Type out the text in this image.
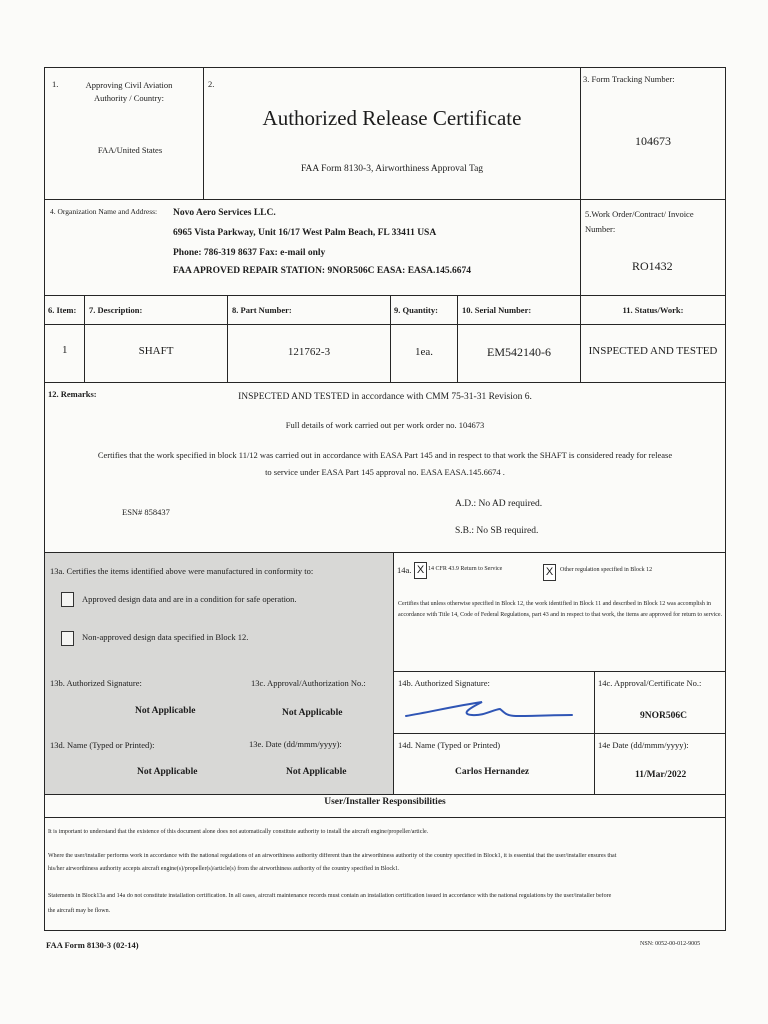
1.	Approving Civil Aviation Authority / Country:
FAA/United States
2.
Authorized Release Certificate
FAA Form 8130-3, Airworthiness Approval Tag
3. Form Tracking Number:
104673
4. Organization Name and Address:	Novo Aero Services LLC.
6965 Vista Parkway, Unit 16/17 West Palm Beach, FL 33411 USA
Phone: 786-319 8637 Fax: e-mail only
FAA APROVED REPAIR STATION: 9NOR506C EASA: EASA.145.6674
5.Work Order/Contract/ Invoice Number:
RO1432
6. Item: 7. Description:	8. Part Number:	9. Quantity:	10. Serial Number:	11. Status/Work:
1	SHAFT	121762-3	1ea.	EM542140-6	INSPECTED AND TESTED
12. Remarks:	INSPECTED AND TESTED in accordance with CMM 75-31-31 Revision 6.
Full details of work carried out per work order no. 104673
Certifies that the work specified in block 11/12 was carried out in accordance with EASA Part 145 and in respect to that work the SHAFT is considered ready for release
to service under EASA Part 145 approval no. EASA EASA.145.6674 .
ESN# 858437
A.D.: No AD required.
S.B.: No SB required.
13a. Certifies the items identified above were manufactured in conformity to:
Approved design data and are in a condition for safe operation.
Non-approved design data specified in Block 12.
14a. X 14 CFR 43.9 Return to Service	X	Other regulation specified in Block 12
Certifies that unless otherwise specified in Block 12, the work identified in Block 11 and described in Block 12 was accomplish in accordance with Title 14, Code of Federal Regulations, part 43 and in respect to that work, the items are approved for return to service.
13b. Authorized Signature:
Not Applicable
13c. Approval/Authorization No.:
Not Applicable
14b. Authorized Signature:	14c. Approval/Certificate No.:
9NOR506C
13d. Name (Typed or Printed):
Not Applicable
13e. Date (dd/mmm/yyyy):
Not Applicable
14d. Name (Typed or Printed)
Carlos Hernandez
14e Date (dd/mmm/yyyy):
11/Mar/2022
User/Installer Responsibilities
It is important to understand that the existence of this document alone does not automatically constitute authority to install the aircraft engine/propeller/article.
Where the user/installer performs work in accordance with the national regulations of an airworthiness authority different than the airworthiness authority of the country specified in Block1, it is essential that the user/installer ensures that
his/her airworthiness authority accepts aircraft engine(s)/propeller(s)/article(s) from the airworthiness authority of the country specified in Block1.
Statements in Block13a and 14a do not constitute installation certification. In all cases, aircraft maintenance records must contain an installation certification issued in accordance with the national regulations by the user/installer before
the aircraft may be flown.
FAA Form 8130-3 (02-14)	NSN: 0052-00-012-9005
